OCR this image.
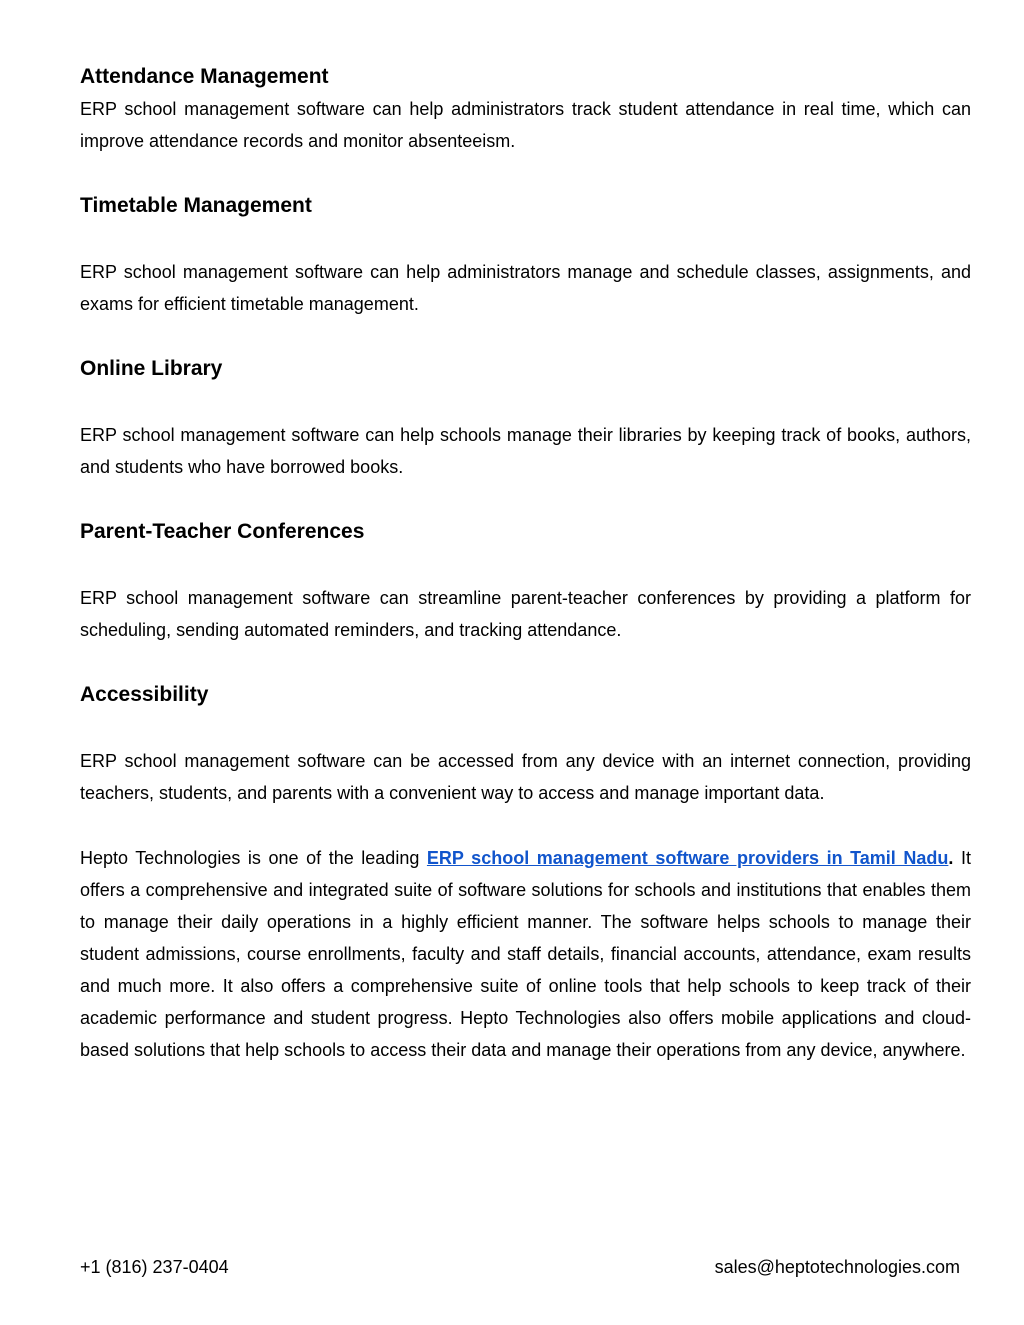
Attendance Management

ERP school management software can help administrators track student attendance in real time, which can improve attendance records and monitor absenteeism.

Timetable Management

ERP school management software can help administrators manage and schedule classes, assignments, and exams for efficient timetable management.

Online Library

ERP school management software can help schools manage their libraries by keeping track of books, authors, and students who have borrowed books.

Parent-Teacher Conferences

ERP school management software can streamline parent-teacher conferences by providing a platform for scheduling, sending automated reminders, and tracking attendance.

Accessibility

ERP school management software can be accessed from any device with an internet connection, providing teachers, students, and parents with a convenient way to access and manage important data.

Hepto Technologies is one of the leading ERP school management software providers in Tamil Nadu. It offers a comprehensive and integrated suite of software solutions for schools and institutions that enables them to manage their daily operations in a highly efficient manner. The software helps schools to manage their student admissions, course enrollments, faculty and staff details, financial accounts, attendance, exam results and much more. It also offers a comprehensive suite of online tools that help schools to keep track of their academic performance and student progress. Hepto Technologies also offers mobile applications and cloud-based solutions that help schools to access their data and manage their operations from any device, anywhere.

+1 (816) 237-0404	sales@heptotechnologies.com
